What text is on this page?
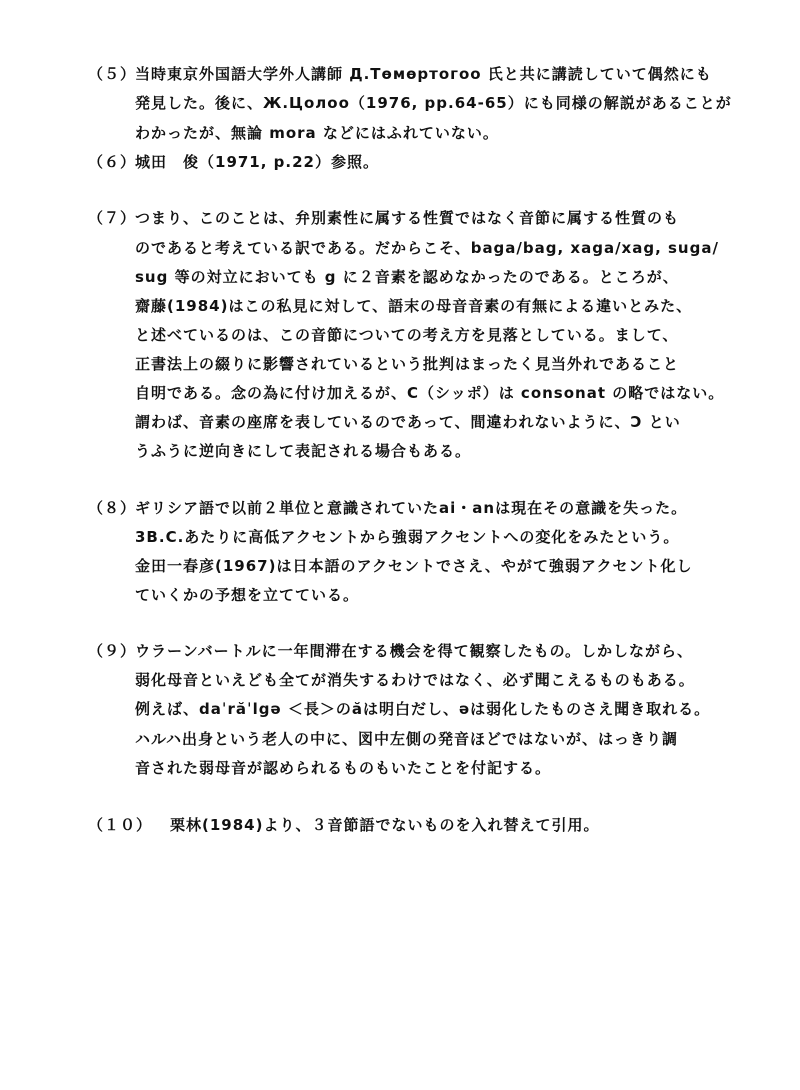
（５）
当時東京外国語大学外人講師 Д.Төмөртогоо 氏と共に講読していて偶然にも
発見した。後に、Ж.Цолоо（1976, pp.64-65）にも同様の解説があることが
わかったが、無論 mora などにはふれていない。
（６）
城田　俊（1971, p.22）参照。
（７）
つまり、このことは、弁別素性に属する性質ではなく音節に属する性質のも
のであると考えている訳である。だからこそ、baga/bag, xaga/xag, suga/
sug 等の対立においても g に２音素を認めなかったのである。ところが、
齋藤(1984)はこの私見に対して、語末の母音音素の有無による違いとみた、
と述べているのは、この音節についての考え方を見落としている。まして、
正書法上の綴りに影響されているという批判はまったく見当外れであること
自明である。念の為に付け加えるが、C（シッポ）は consonat の略ではない。
謂わば、音素の座席を表しているのであって、間違われないように、Ɔ とい
うふうに逆向きにして表記される場合もある。
（８）
ギリシア語で以前２単位と意識されていたai・anは現在その意識を失った。
3B.C.あたりに高低アクセントから強弱アクセントへの変化をみたという。
金田一春彦(1967)は日本語のアクセントでさえ、やがて強弱アクセント化し
ていくかの予想を立てている。
（９）
ウラーンバートルに一年間滞在する機会を得て観察したもの。しかしながら、
弱化母音といえども全てが消失するわけではなく、必ず聞こえるものもある。
例えば、daˈrăˈlgə ＜長＞のăは明白だし、əは弱化したものさえ聞き取れる。
ハルハ出身という老人の中に、図中左側の発音ほどではないが、はっきり調
音された弱母音が認められるものもいたことを付記する。
（１０） 栗林(1984)より、３音節語でないものを入れ替えて引用。
